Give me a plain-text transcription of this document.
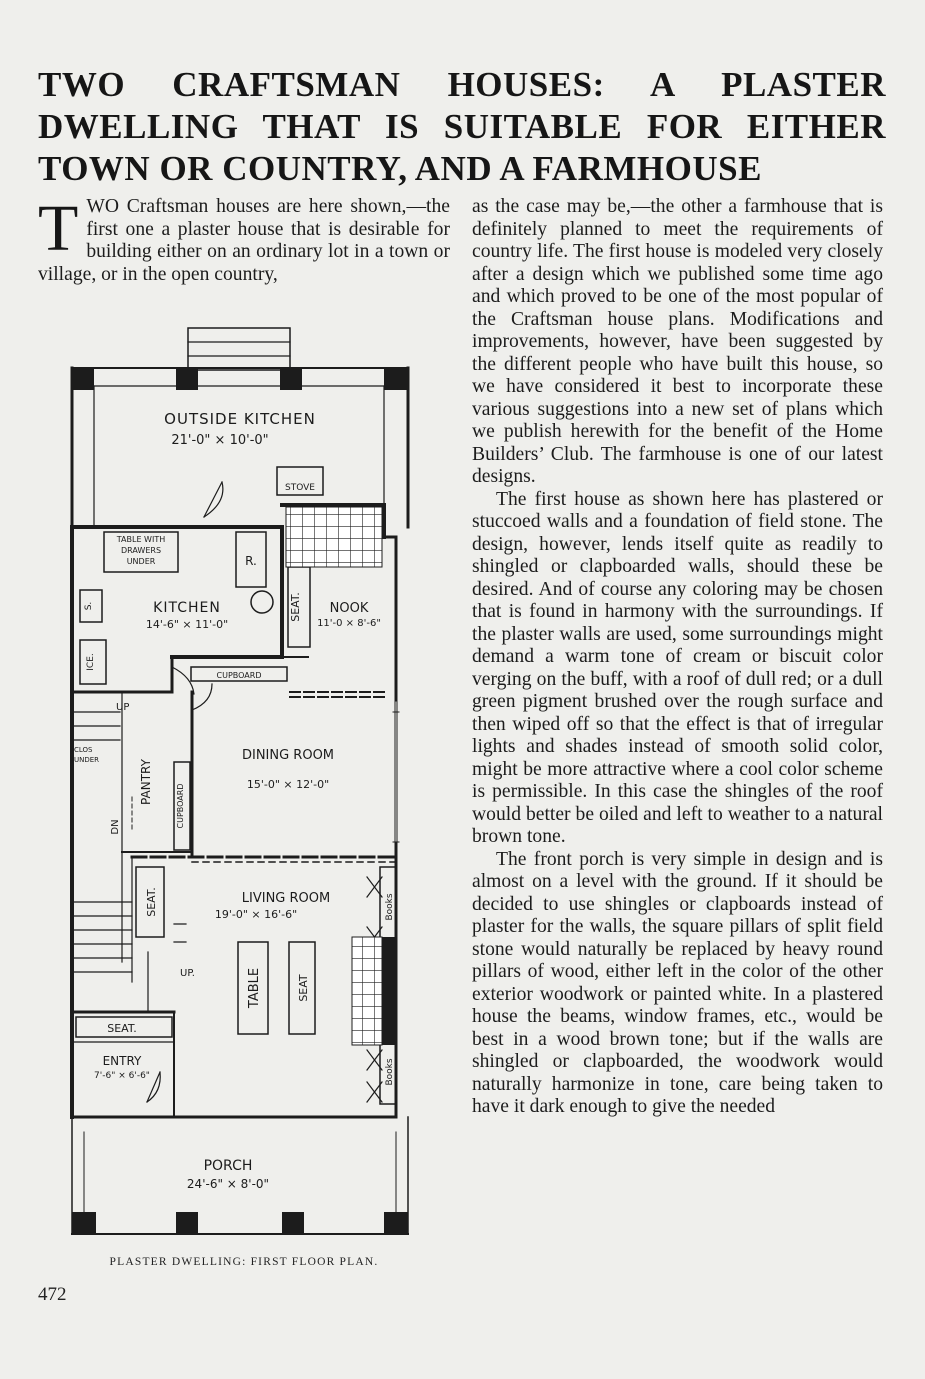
TWO CRAFTSMAN HOUSES: A PLASTER DWELLING THAT IS SUITABLE FOR EITHER TOWN OR COUNTRY, AND A FARMHOUSE

TWO Craftsman houses are here shown,—the first one a plaster house that is desirable for building either on an ordinary lot in a town or village, or in the open country,

OUTSIDE KITCHEN
21'-0" × 10'-0"
STOVE
TABLE WITH
DRAWERS
UNDER	R.
KITCHEN
14'-6" × 11'-0"
NOOK
11'-0 × 8'-6"
SEAT.
S.
ICE.
CUPBOARD
UP
CLOS
UNDER	PANTRY
CUPBOARD
DN
DINING ROOM
15'-0" × 12'-0"
SEAT.	LIVING ROOM
19'-0" × 16'-6"	Books
Books
TABLE	SEAT
UP.
SEAT.
ENTRY
7'-6" × 6'-6"
PORCH
24'-6" × 8'-0"
PLASTER DWELLING: FIRST FLOOR PLAN.
472

as the case may be,—the other a farmhouse that is definitely planned to meet the requirements of country life. The first house is modeled very closely after a design which we published some time ago and which proved to be one of the most popular of the Craftsman house plans. Modifications and improvements, however, have been suggested by the different people who have built this house, so we have considered it best to incorporate these various suggestions into a new set of plans which we publish herewith for the benefit of the Home Builders’ Club. The farmhouse is one of our latest designs.

The first house as shown here has plastered or stuccoed walls and a foundation of field stone. The design, however, lends itself quite as readily to shingled or clapboarded walls, should these be desired. And of course any coloring may be chosen that is found in harmony with the surroundings. If the plaster walls are used, some surroundings might demand a warm tone of cream or biscuit color verging on the buff, with a roof of dull red; or a dull green pigment brushed over the rough surface and then wiped off so that the effect is that of irregular lights and shades instead of smooth solid color, might be more attractive where a cool color scheme is permissible. In this case the shingles of the roof would better be oiled and left to weather to a natural brown tone.

The front porch is very simple in design and is almost on a level with the ground. If it should be decided to use shingles or clapboards instead of plaster for the walls, the square pillars of split field stone would naturally be replaced by heavy round pillars of wood, either left in the color of the other exterior woodwork or painted white. In a plastered house the beams, window frames, etc., would be best in a wood brown tone; but if the walls are shingled or clapboarded, the woodwork would naturally harmonize in tone, care being taken to have it dark enough to give the needed
